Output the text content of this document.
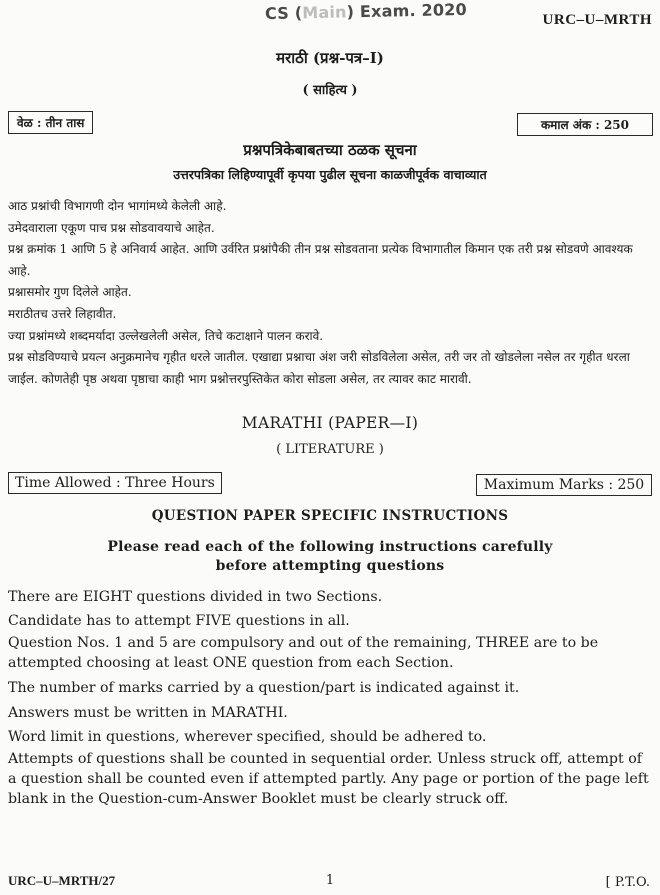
CS (Main) Exam. 2020	URC–U–MRTH
मराठी (प्रश्न-पत्र–I)
( साहित्य )
वेळ : तीन तास	कमाल अंक : 250
प्रश्नपत्रिकेबाबतच्या ठळक सूचना
उत्तरपत्रिका लिहिण्यापूर्वी कृपया पुढील सूचना काळजीपूर्वक वाचाव्यात

आठ प्रश्नांची विभागणी दोन भागांमध्ये केलेली आहे.

उमेदवाराला एकूण पाच प्रश्न सोडवावयाचे आहेत.

प्रश्न क्रमांक 1 आणि 5 हे अनिवार्य आहेत. आणि उर्वरित प्रश्नांपैकी तीन प्रश्न सोडवताना प्रत्येक विभागातील किमान एक तरी प्रश्न सोडवणे आवश्यक आहे.

प्रश्नासमोर गुण दिलेले आहेत.

मराठीतच उत्तरे लिहावीत.

ज्या प्रश्नांमध्ये शब्दमर्यादा उल्लेखलेली असेल, तिचे कटाक्षाने पालन करावे.

प्रश्न सोडविण्याचे प्रयत्न अनुक्रमानेच गृहीत धरले जातील. एखाद्या प्रश्नाचा अंश जरी सोडविलेला असेल, तरी जर तो खोडलेला नसेल तर गृहीत धरला जाईल. कोणतेही पृष्ठ अथवा पृष्ठाचा काही भाग प्रश्नोत्तरपुस्तिकेत कोरा सोडला असेल, तर त्यावर काट मारावी.

MARATHI (PAPER—I)
( LITERATURE )
Time Allowed : Three Hours	Maximum Marks : 250
QUESTION PAPER SPECIFIC INSTRUCTIONS
Please read each of the following instructions carefully
before attempting questions

There are EIGHT questions divided in two Sections.

Candidate has to attempt FIVE questions in all.

Question Nos. 1 and 5 are compulsory and out of the remaining, THREE are to be attempted choosing at least ONE question from each Section.

The number of marks carried by a question/part is indicated against it.

Answers must be written in MARATHI.

Word limit in questions, wherever specified, should be adhered to.

Attempts of questions shall be counted in sequential order. Unless struck off, attempt of a question shall be counted even if attempted partly. Any page or portion of the page left blank in the Question-cum-Answer Booklet must be clearly struck off.

URC–U–MRTH/27	1	[ P.T.O.
